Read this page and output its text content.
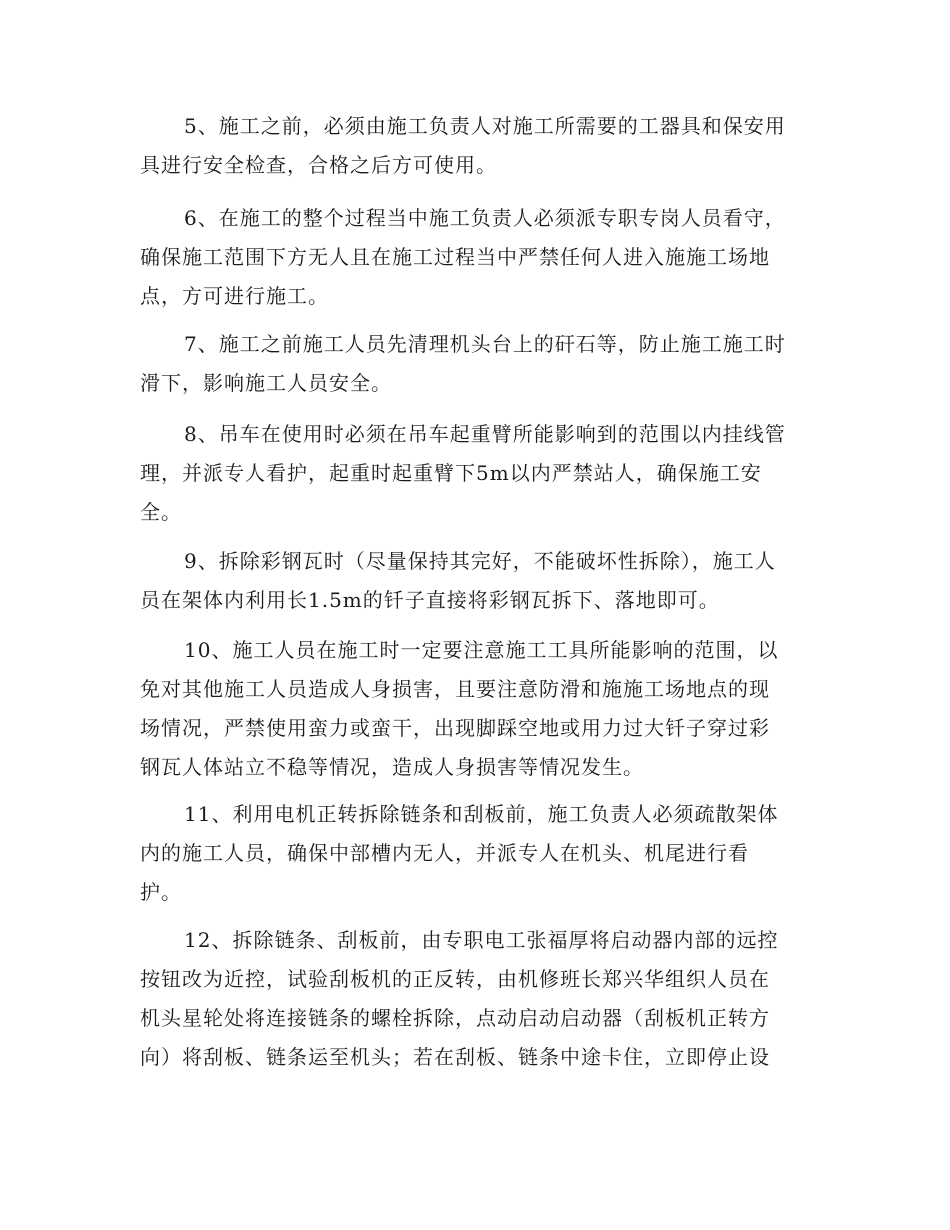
5、施工之前，必须由施工负责人对施工所需要的工器具和保安用
具进行安全检查，合格之后方可使用。
6、在施工的整个过程当中施工负责人必须派专职专岗人员看守，
确保施工范围下方无人且在施工过程当中严禁任何人进入施施工场地
点，方可进行施工。
7、施工之前施工人员先清理机头台上的矸石等，防止施工施工时
滑下，影响施工人员安全。
8、吊车在使用时必须在吊车起重臂所能影响到的范围以内挂线管
理，并派专人看护，起重时起重臂下5m以内严禁站人，确保施工安
全。
9、拆除彩钢瓦时（尽量保持其完好，不能破坏性拆除），施工人
员在架体内利用长1.5m的钎子直接将彩钢瓦拆下、落地即可。
10、施工人员在施工时一定要注意施工工具所能影响的范围，以
免对其他施工人员造成人身损害，且要注意防滑和施施工场地点的现
场情况，严禁使用蛮力或蛮干，出现脚踩空地或用力过大钎子穿过彩
钢瓦人体站立不稳等情况，造成人身损害等情况发生。
11、利用电机正转拆除链条和刮板前，施工负责人必须疏散架体
内的施工人员，确保中部槽内无人，并派专人在机头、机尾进行看
护。
12、拆除链条、刮板前，由专职电工张福厚将启动器内部的远控
按钮改为近控，试验刮板机的正反转，由机修班长郑兴华组织人员在
机头星轮处将连接链条的螺栓拆除，点动启动启动器（刮板机正转方
向）将刮板、链条运至机头；若在刮板、链条中途卡住，立即停止设
